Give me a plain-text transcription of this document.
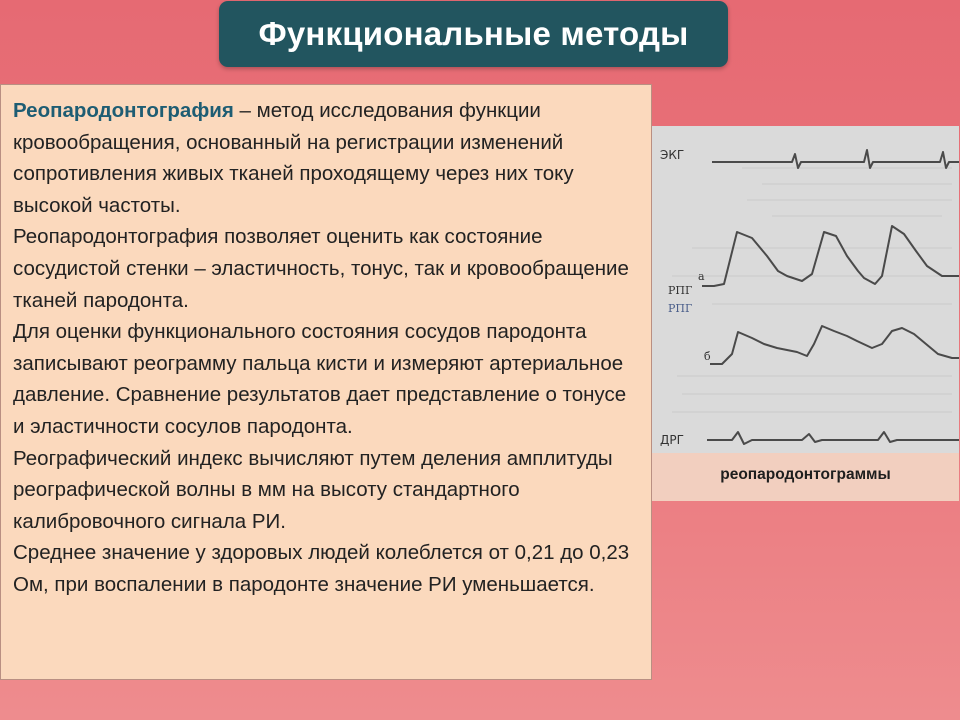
Функциональные методы

Реопародонтография – метод исследования функции кровообращения, основанный на регистрации изменений сопротивления живых тканей проходящему через них току высокой частоты.

Реопародонтография позволяет оценить как состояние сосудистой стенки – эластичность, тонус, так и кровообращение тканей пародонта.

Для оценки функционального состояния сосудов пародонта записывают реограмму пальца кисти и измеряют артериальное давление. Сравнение результатов дает представление о тонусе и эластичности сосулов пародонта.

Реографический индекс вычисляют путем деления амплитуды реографической волны в мм на высоту стандартного калибровочного сигнала РИ.

Среднее значение у здоровых людей колеблется от 0,21 до 0,23 Ом, при воспалении в пародонте значение РИ уменьшается.

ЭКГ
а
РПГ
РПГ
б
ДРГ
реопародонтограммы
